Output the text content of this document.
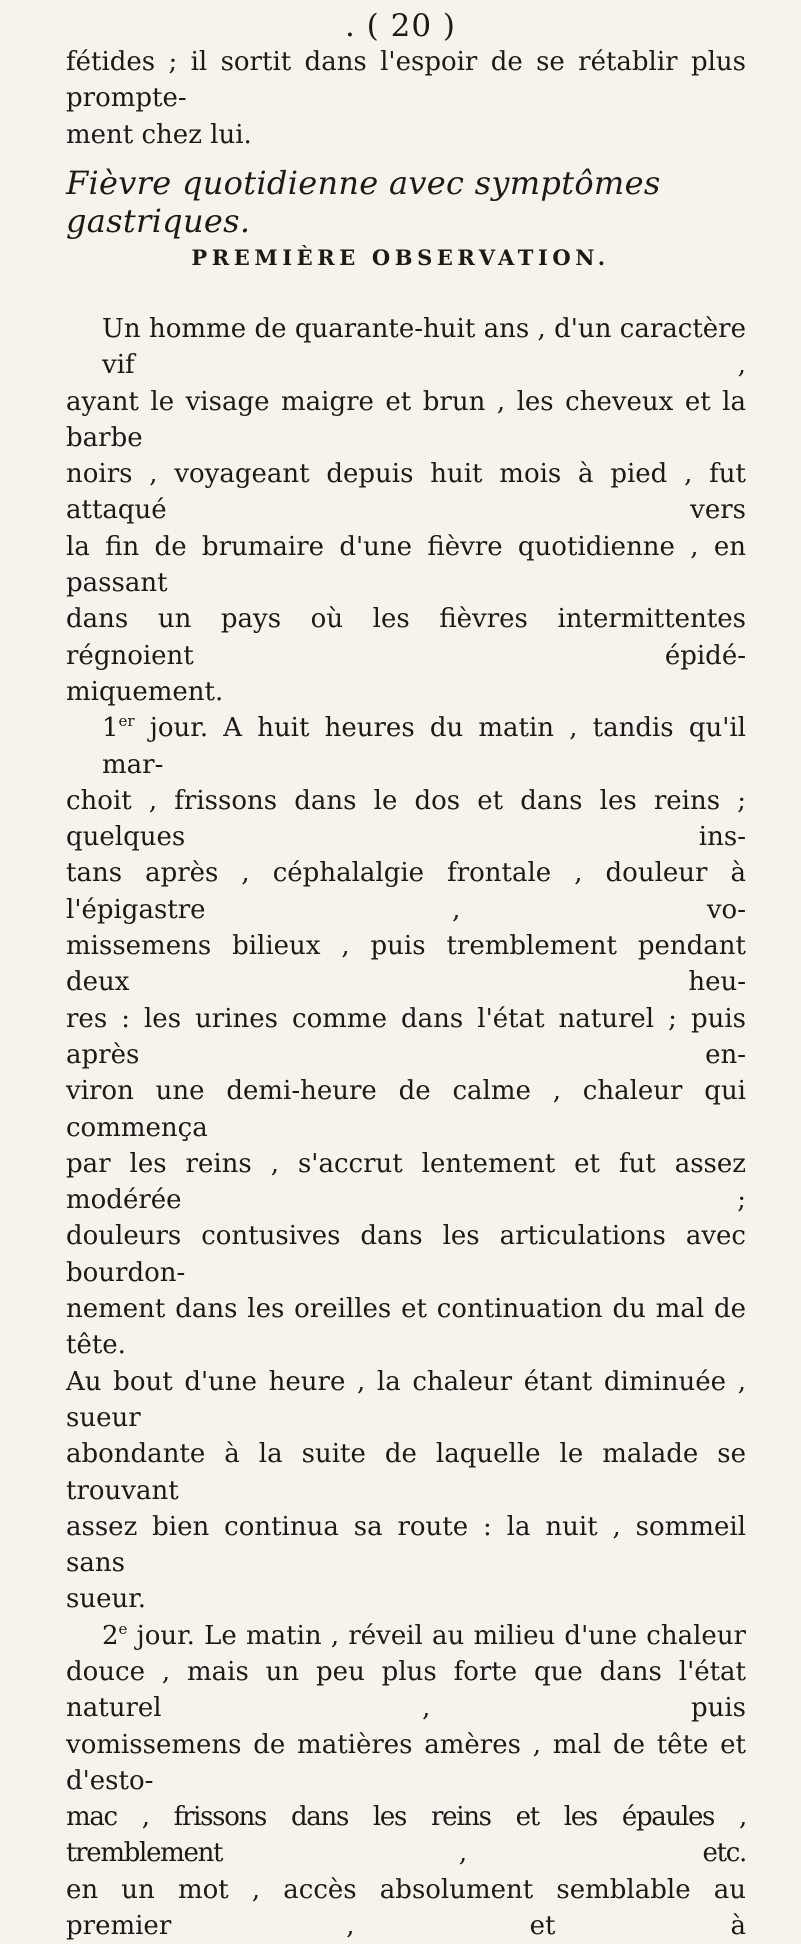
. ( 20 )
fétides ; il sortit dans l'espoir de se rétablir plus prompte-
ment chez lui.
Fièvre quotidienne avec symptômes gastriques.
PREMIÈRE OBSERVATION.
Un homme de quarante-huit ans , d'un caractère vif ,
ayant le visage maigre et brun , les cheveux et la barbe
noirs , voyageant depuis huit mois à pied , fut attaqué vers
la fin de brumaire d'une fièvre quotidienne , en passant
dans un pays où les fièvres intermittentes régnoient épidé-
miquement.
1er jour. A huit heures du matin , tandis qu'il mar-
choit , frissons dans le dos et dans les reins ; quelques ins-
tans après , céphalalgie frontale , douleur à l'épigastre , vo-
missemens bilieux , puis tremblement pendant deux heu-
res : les urines comme dans l'état naturel ; puis après en-
viron une demi-heure de calme , chaleur qui commença
par les reins , s'accrut lentement et fut assez modérée ;
douleurs contusives dans les articulations avec bourdon-
nement dans les oreilles et continuation du mal de tête.
Au bout d'une heure , la chaleur étant diminuée , sueur
abondante à la suite de laquelle le malade se trouvant
assez bien continua sa route : la nuit , sommeil sans
sueur.
2e jour. Le matin , réveil au milieu d'une chaleur
douce , mais un peu plus forte que dans l'état naturel , puis
vomissemens de matières amères , mal de tête et d'esto-
mac , frissons dans les reins et les épaules , tremblement , etc.
en un mot , accès absolument semblable au premier , et à
